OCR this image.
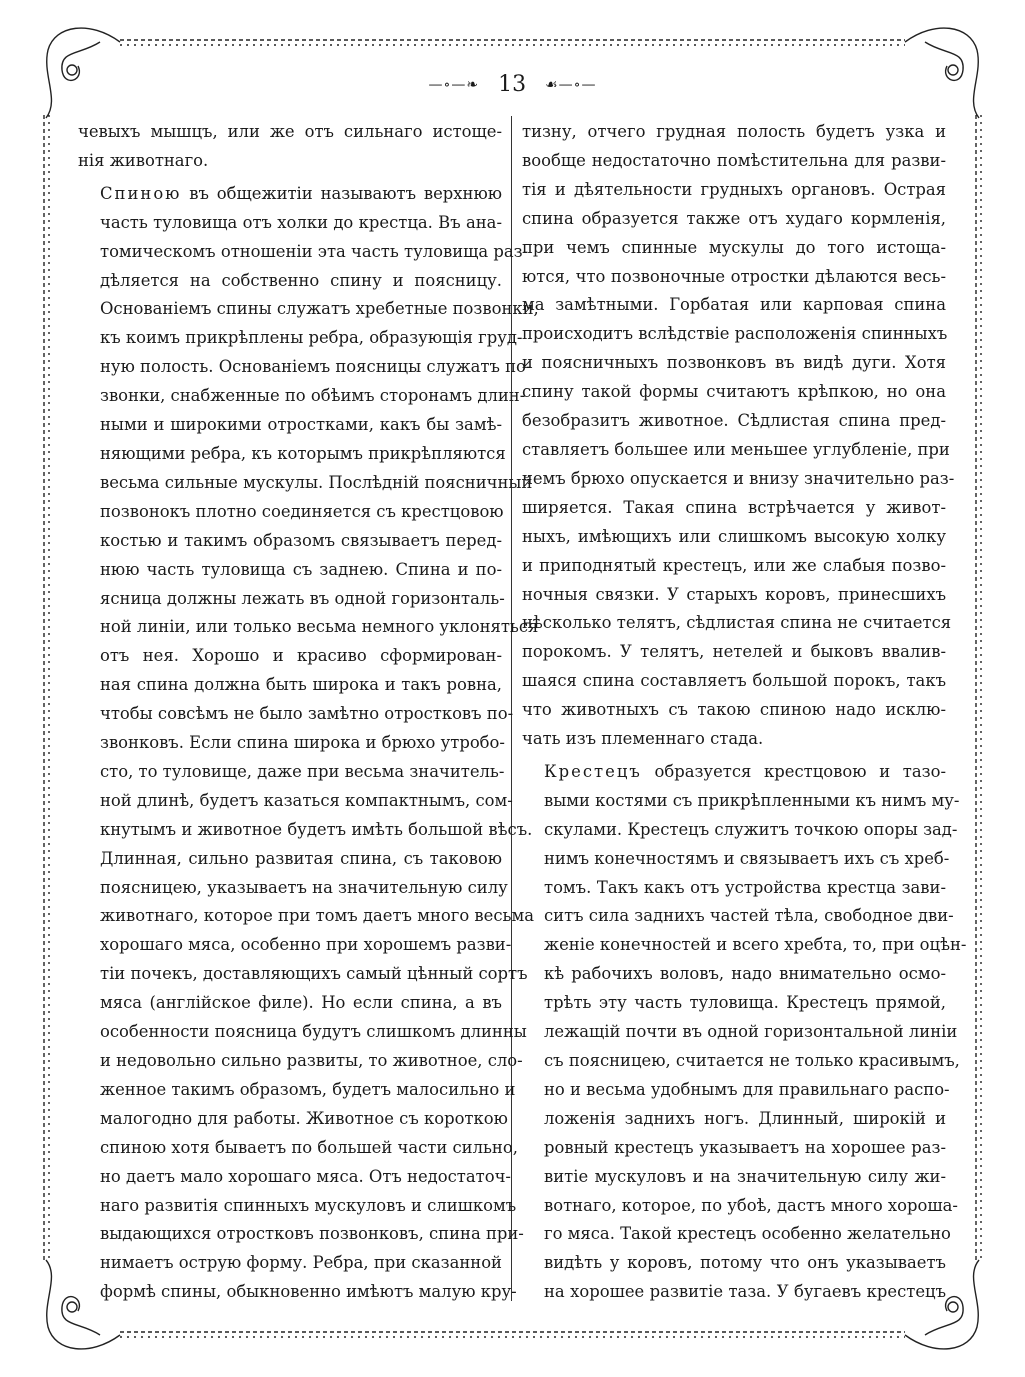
—∘—❧ 13 ☙—∘—

чевыхъ мышцъ, или же отъ сильнаго истоще-
нія животнаго.

Спиною въ общежитіи называютъ верхнюю
часть туловища отъ холки до крестца. Въ ана-
томическомъ отношеніи эта часть туловища раз-
дѣляется на собственно спину и поясницу.
Основаніемъ спины служатъ хребетные позвонки,
къ коимъ прикрѣплены ребра, образующія груд-
ную полость. Основаніемъ поясницы служатъ по-
звонки, снабженные по обѣимъ сторонамъ длин-
ными и широкими отростками, какъ бы замѣ-
няющими ребра, къ которымъ прикрѣпляются
весьма сильные мускулы. Послѣдній поясничный
позвонокъ плотно соединяется съ крестцовою
костью и такимъ образомъ связываетъ перед-
нюю часть туловища съ заднею. Спина и по-
ясница должны лежать въ одной горизонталь-
ной линіи, или только весьма немного уклоняться
отъ нея. Хорошо и красиво сформирован-
ная спина должна быть широка и такъ ровна,
чтобы совсѣмъ не было замѣтно отростковъ по-
звонковъ. Если спина широка и брюхо утробо-
сто, то туловище, даже при весьма значитель-
ной длинѣ, будетъ казаться компактнымъ, сом-
кнутымъ и животное будетъ имѣть большой вѣсъ.
Длинная, сильно развитая спина, съ таковою
поясницею, указываетъ на значительную силу
животнаго, которое при томъ даетъ много весьма
хорошаго мяса, особенно при хорошемъ разви-
тіи почекъ, доставляющихъ самый цѣнный сортъ
мяса (англійское филе). Но если спина, а въ
особенности поясница будутъ слишкомъ длинны
и недовольно сильно развиты, то животное, сло-
женное такимъ образомъ, будетъ малосильно и
малогодно для работы. Животное съ короткою
спиною хотя бываетъ по большей части сильно,
но даетъ мало хорошаго мяса. Отъ недостаточ-
наго развитія спинныхъ мускуловъ и слишкомъ
выдающихся отростковъ позвонковъ, спина при-
нимаетъ острую форму. Ребра, при сказанной
формѣ спины, обыкновенно имѣютъ малую кру-

тизну, отчего грудная полость будетъ узка и
вообще недостаточно помѣстительна для разви-
тія и дѣятельности грудныхъ органовъ. Острая
спина образуется также отъ худаго кормленія,
при чемъ спинные мускулы до того истоща-
ются, что позвоночные отростки дѣлаются весь-
ма замѣтными. Горбатая или карповая спина
происходитъ вслѣдствіе расположенія спинныхъ
и поясничныхъ позвонковъ въ видѣ дуги. Хотя
спину такой формы считаютъ крѣпкою, но она
безобразитъ животное. Сѣдлистая спина пред-
ставляетъ большее или меньшее углубленіе, при
чемъ брюхо опускается и внизу значительно раз-
ширяется. Такая спина встрѣчается у живот-
ныхъ, имѣющихъ или слишкомъ высокую холку
и приподнятый крестецъ, или же слабыя позво-
ночныя связки. У старыхъ коровъ, принесшихъ
нѣсколько телятъ, сѣдлистая спина не считается
порокомъ. У телятъ, нетелей и быковъ ввалив-
шаяся спина составляетъ большой порокъ, такъ
что животныхъ съ такою спиною надо исклю-
чать изъ племеннаго стада.

Крестецъ образуется крестцовою и тазо-
выми костями съ прикрѣпленными къ нимъ му-
скулами. Крестецъ служитъ точкою опоры зад-
нимъ конечностямъ и связываетъ ихъ съ хреб-
томъ. Такъ какъ отъ устройства крестца зави-
ситъ сила заднихъ частей тѣла, свободное дви-
женіе конечностей и всего хребта, то, при оцѣн-
кѣ рабочихъ воловъ, надо внимательно осмо-
трѣть эту часть туловища. Крестецъ прямой,
лежащій почти въ одной горизонтальной линіи
съ поясницею, считается не только красивымъ,
но и весьма удобнымъ для правильнаго распо-
ложенія заднихъ ногъ. Длинный, широкій и
ровный крестецъ указываетъ на хорошее раз-
витіе мускуловъ и на значительную силу жи-
вотнаго, которое, по убоѣ, дастъ много хороша-
го мяса. Такой крестецъ особенно желательно
видѣть у коровъ, потому что онъ указываетъ
на хорошее развитіе таза. У бугаевъ крестецъ
